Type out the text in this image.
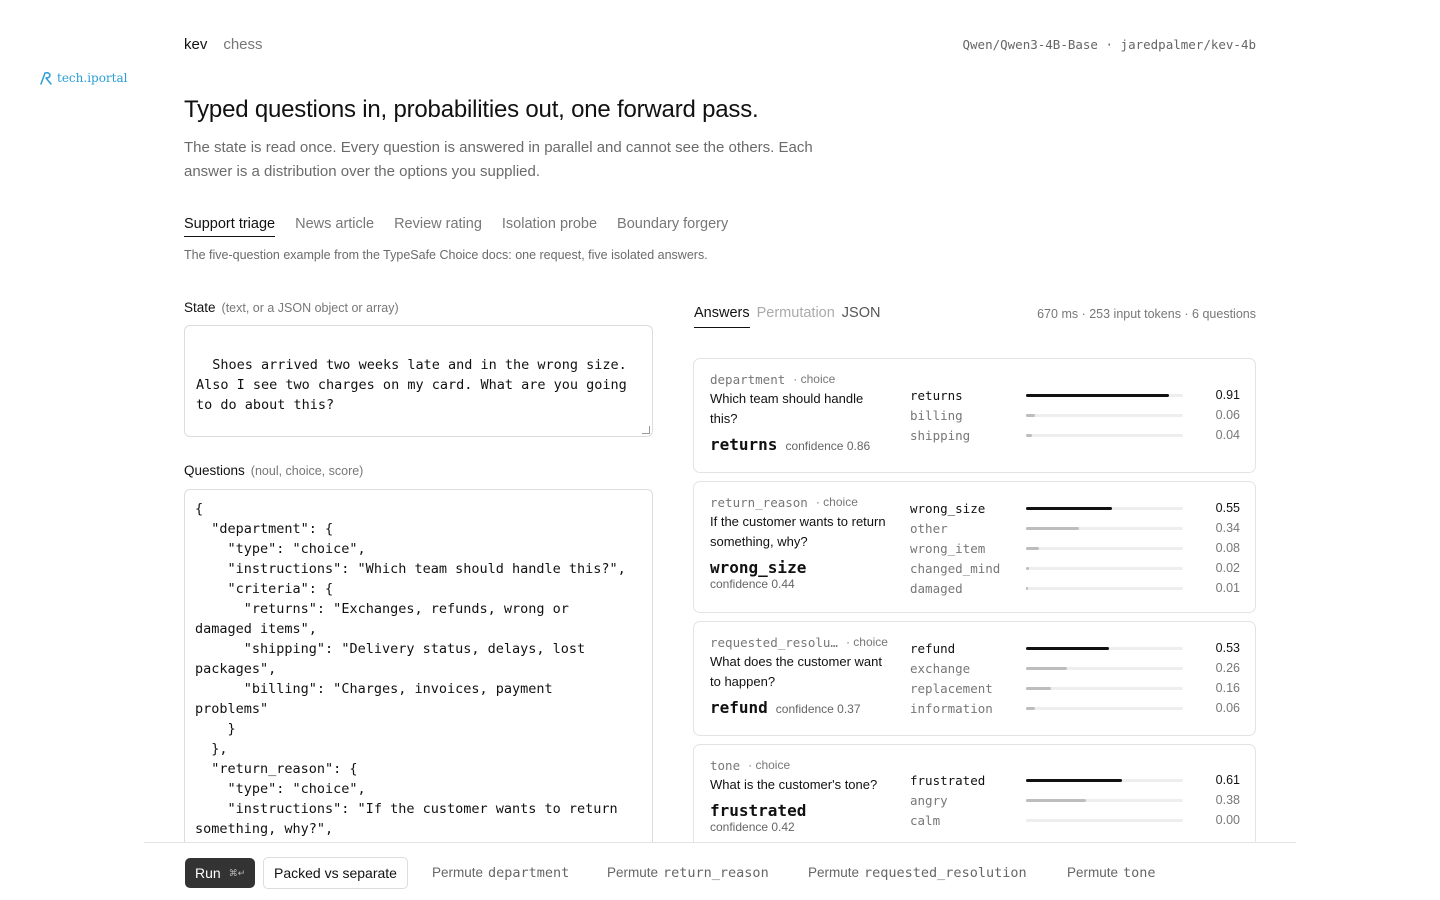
tech.iportal
kev chess	Qwen/Qwen3-4B-Base · jaredpalmer/kev-4b
Typed questions in, probabilities out, one forward pass.

The state is read once. Every question is answered in parallel and cannot see the others. Each answer is a distribution over the options you supplied.

Support triage News article Review rating Isolation probe Boundary forgery

The five-question example from the TypeSafe Choice docs: one request, five isolated answers.

State (text, or a JSON object or array)

Shoes arrived two weeks late and in the wrong size.
Also I see two charges on my card. What are you going
to do about this?

Questions (noul, choice, score)
{
"department": {
"type": "choice",
"instructions": "Which team should handle this?",
"criteria": {
"returns": "Exchanges, refunds, wrong or
damaged items",
"shipping": "Delivery status, delays, lost
packages",
"billing": "Charges, invoices, payment
problems"
}
},
"return_reason": {
"type": "choice",
"instructions": "If the customer wants to return
something, why?",

Answers Permutation JSON	670 ms · 253 input tokens · 6 questions
department · choice
Which team should handle this?
returns confidence 0.86
returns	0.91
billing	0.06
shipping	0.04
return_reason · choice
If the customer wants to return something, why?
wrong_size
confidence 0.44
wrong_size	0.55
other	0.34
wrong_item	0.08
changed_mind	0.02
damaged	0.01
requested_resolu… · choice
What does the customer want to happen?
refund confidence 0.37
refund	0.53
exchange	0.26
replacement	0.16
information	0.06
tone · choice
What is the customer's tone?
frustrated
confidence 0.42
frustrated	0.61
angry	0.38
calm	0.00
Run ⌘↵	Packed vs separate	Permute department	Permute return_reason	Permute requested_resolution	Permute tone
